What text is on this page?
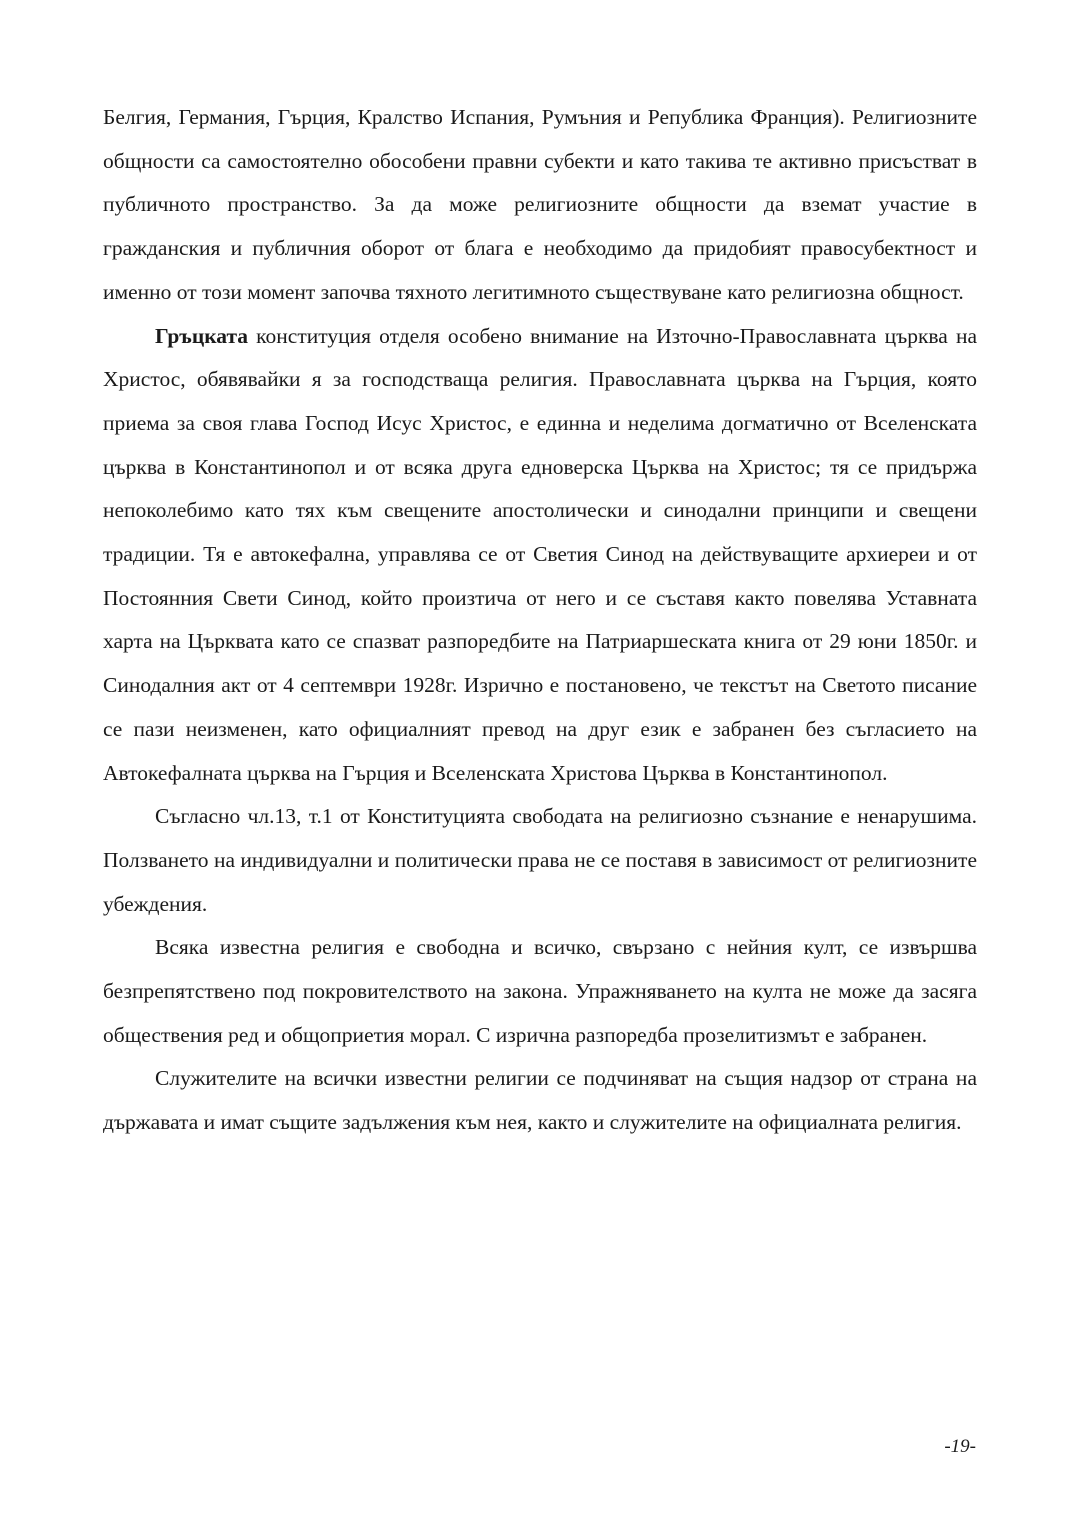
Белгия, Германия, Гърция, Кралство Испания, Румъния и Република Франция). Религиозните общности са самостоятелно обособени правни субекти и като такива те активно присъстват в публичното пространство. За да може религиозните общности да вземат участие в гражданския и публичния оборот от блага е необходимо да придобият правосубектност и именно от този момент започва тяхното легитимното съществуване като религиозна общност.

Гръцката конституция отделя особено внимание на Източно-Православната църква на Христос, обявявайки я за господстваща религия. Православната църква на Гърция, която приема за своя глава Господ Исус Христос, е единна и неделима догматично от Вселенската църква в Константинопол и от всяка друга едноверска Църква на Христос; тя се придържа непоколебимо като тях към свещените апостолически и синодални принципи и свещени традиции. Тя е автокефална, управлява се от Светия Синод на действуващите архиереи и от Постоянния Свети Синод, който произтича от него и се съставя както повелява Уставната харта на Църквата като се спазват разпоредбите на Патриаршеската книга от 29 юни 1850г. и Синодалния акт от 4 септември 1928г. Изрично е постановено, че текстът на Светото писание се пази неизменен, като официалният превод на друг език е забранен без съгласието на Автокефалната църква на Гърция и Вселенската Христова Църква в Константинопол.

Съгласно чл.13, т.1 от Конституцията свободата на религиозно съзнание е ненарушима. Ползването на индивидуални и политически права не се поставя в зависимост от религиозните убеждения.

Всяка известна религия е свободна и всичко, свързано с нейния култ, се извършва безпрепятствено под покровителството на закона. Упражняването на култа не може да засяга обществения ред и общоприетия морал. С изрична разпоредба прозелитизмът е забранен.

Служителите на всички известни религии се подчиняват на същия надзор от страна на държавата и имат същите задължения към нея, както и служителите на официалната религия.

-19-
